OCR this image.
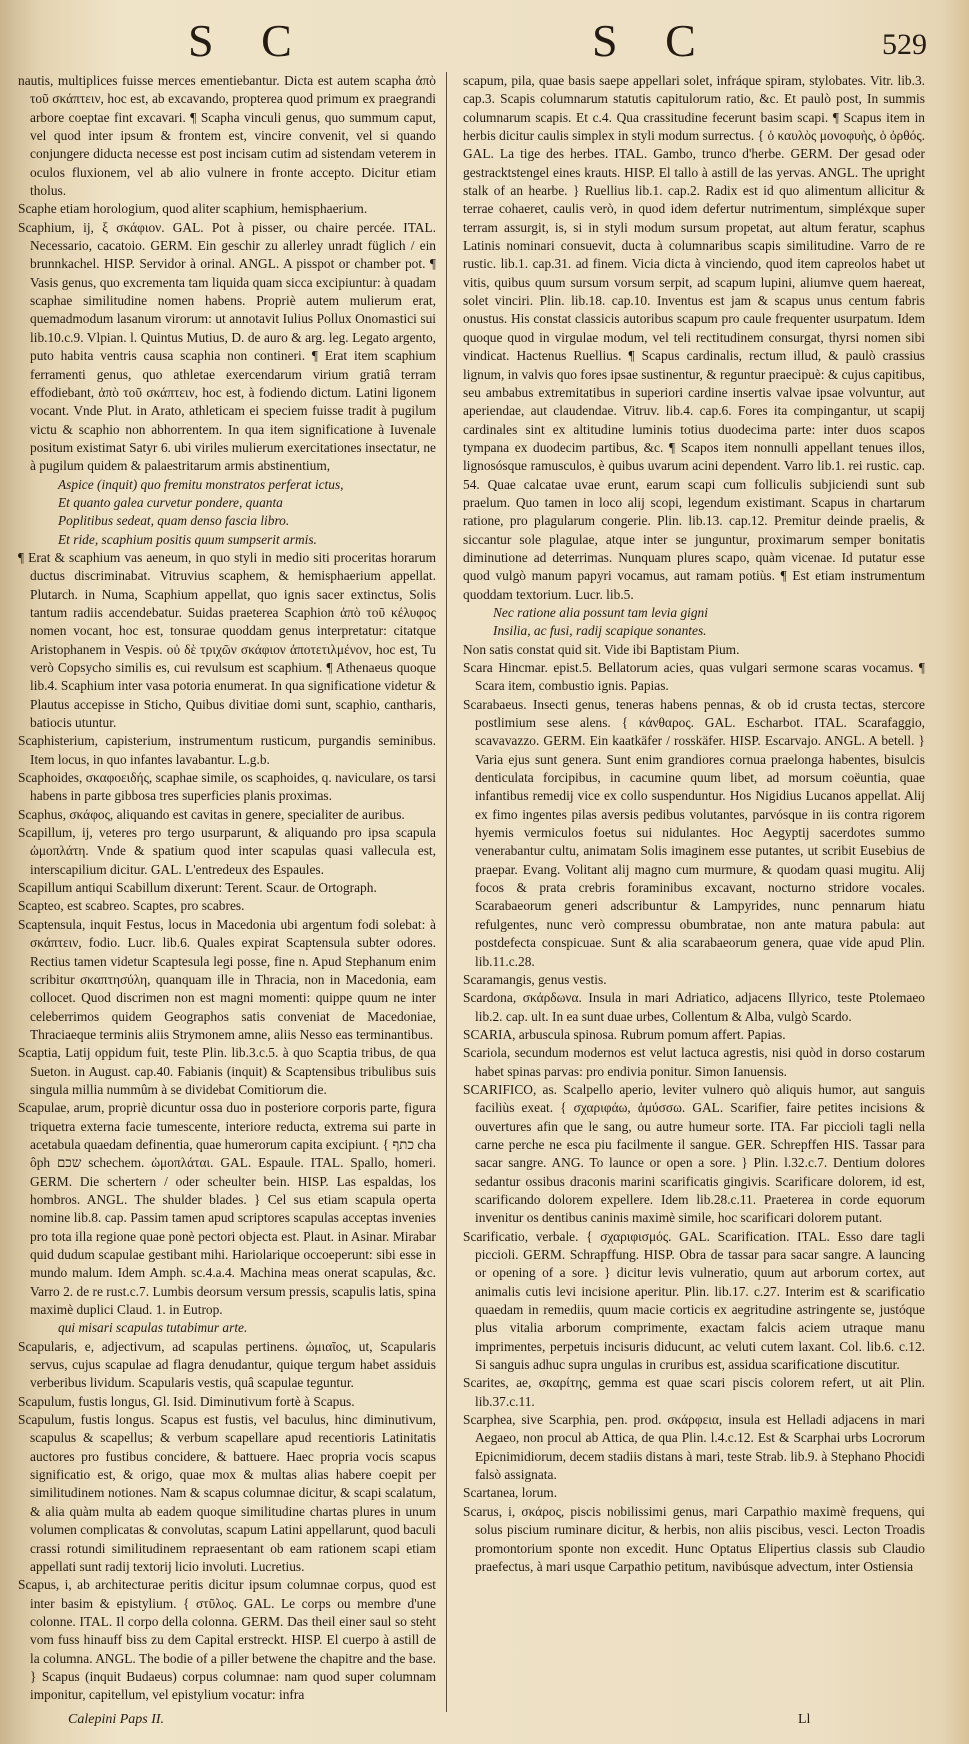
S C	S C	529

nautis, multiplices fuisse merces ementiebantur. Dicta est autem scapha ἀπὸ τοῦ σκάπτειν, hoc est, ab excavando, propterea quod primum ex praegrandi arbore coeptae fint excavari. ¶ Scapha vinculi genus, quo summum caput, vel quod inter ipsum & frontem est, vincire convenit, vel si quando conjungere diducta necesse est post incisam cutim ad sistendam veterem in oculos fluxionem, vel ab alio vulnere in fronte accepto. Dicitur etiam tholus.

Scaphe etiam horologium, quod aliter scaphium, hemisphaerium.

Scaphium, ij, ξ σκάφιον. GAL. Pot à pisser, ou chaire percée. ITAL. Necessario, cacatoio. GERM. Ein geschir zu allerley unradt füglich / ein brunnkachel. HISP. Servidor à orinal. ANGL. A pisspot or chamber pot. ¶ Vasis genus, quo excrementa tam liquida quam sicca excipiuntur: à quadam scaphae similitudine nomen habens. Propriè autem mulierum erat, quemadmodum lasanum virorum: ut annotavit Iulius Pollux Onomastici sui lib.10.c.9. Vlpian. l. Quintus Mutius, D. de auro & arg. leg. Legato argento, puto habita ventris causa scaphia non contineri. ¶ Erat item scaphium ferramenti genus, quo athletae exercendarum virium gratiâ terram effodiebant, ἀπὸ τοῦ σκάπτειν, hoc est, à fodiendo dictum. Latini ligonem vocant. Vnde Plut. in Arato, athleticam ei speciem fuisse tradit à pugilum victu & scaphio non abhorrentem. In qua item significatione à Iuvenale positum existimat Satyr 6. ubi viriles mulierum exercitationes insectatur, ne à pugilum quidem & palaestritarum armis abstinentium,

Aspice (inquit) quo fremitu monstratos perferat ictus,

Et quanto galea curvetur pondere, quanta

Poplitibus sedeat, quam denso fascia libro.

Et ride, scaphium positis quum sumpserit armis.

¶ Erat & scaphium vas aeneum, in quo styli in medio siti proceritas horarum ductus discriminabat. Vitruvius scaphem, & hemisphaerium appellat. Plutarch. in Numa, Scaphium appellat, quo ignis sacer extinctus, Solis tantum radiis accendebatur. Suidas praeterea Scaphion ἀπὸ τοῦ κέλυφος nomen vocant, hoc est, tonsurae quoddam genus interpretatur: citatque Aristophanem in Vespis. οὐ δὲ τριχῶν σκάφιον ἀποτετιλμένον, hoc est, Tu verò Copsycho similis es, cui revulsum est scaphium. ¶ Athenaeus quoque lib.4. Scaphium inter vasa potoria enumerat. In qua significatione videtur & Plautus accepisse in Sticho, Quibus divitiae domi sunt, scaphio, cantharis, batiocis utuntur.

Scaphisterium, capisterium, instrumentum rusticum, purgandis seminibus. Item locus, in quo infantes lavabantur. L.g.b.

Scaphoides, σκαφοειδής, scaphae simile, os scaphoides, q. naviculare, os tarsi habens in parte gibbosa tres superficies planis proximas.

Scaphus, σκάφος, aliquando est cavitas in genere, specialiter de auribus.

Scapillum, ij, veteres pro tergo usurparunt, & aliquando pro ipsa scapula ὠμοπλάτη. Vnde & spatium quod inter scapulas quasi vallecula est, interscapilium dicitur. GAL. L'entredeux des Espaules.

Scapillum antiqui Scabillum dixerunt: Terent. Scaur. de Ortograph.

Scapteo, est scabreo. Scaptes, pro scabres.

Scaptensula, inquit Festus, locus in Macedonia ubi argentum fodi solebat: à σκάπτειν, fodio. Lucr. lib.6. Quales expirat Scaptensula subter odores. Rectius tamen videtur Scaptesula legi posse, fine n. Apud Stephanum enim scribitur σκαπτησύλη, quanquam ille in Thracia, non in Macedonia, eam collocet. Quod discrimen non est magni momenti: quippe quum ne inter celeberrimos quidem Geographos satis conveniat de Macedoniae, Thraciaeque terminis aliis Strymonem amne, aliis Nesso eas terminantibus.

Scaptia, Latij oppidum fuit, teste Plin. lib.3.c.5. à quo Scaptia tribus, de qua Sueton. in August. cap.40. Fabianis (inquit) & Scaptensibus tribulibus suis singula millia nummûm à se dividebat Comitiorum die.

Scapulae, arum, propriè dicuntur ossa duo in posteriore corporis parte, figura triquetra externa facie tumescente, interiore reducta, extrema sui parte in acetabula quaedam definentia, quae humerorum capita excipiunt. { כתף cha ôph שכם schechem. ὠμοπλάται. GAL. Espaule. ITAL. Spallo, homeri. GERM. Die schertern / oder scheulter bein. HISP. Las espaldas, los hombros. ANGL. The shulder blades. } Cel sus etiam scapula operta nomine lib.8. cap. Passim tamen apud scriptores scapulas acceptas invenies pro tota illa regione quae ponè pectori objecta est. Plaut. in Asinar. Mirabar quid dudum scapulae gestibant mihi. Hariolarique occoeperunt: sibi esse in mundo malum. Idem Amph. sc.4.a.4. Machina meas onerat scapulas, &c. Varro 2. de re rust.c.7. Lumbis deorsum versum pressis, scapulis latis, spina maximè duplici Claud. 1. in Eutrop.

qui misari scapulas tutabimur arte.

Scapularis, e, adjectivum, ad scapulas pertinens. ὠμιαῖος, ut, Scapularis servus, cujus scapulae ad flagra denudantur, quique tergum habet assiduis verberibus lividum. Scapularis vestis, quâ scapulae teguntur.

Scapulum, fustis longus, Gl. Isid. Diminutivum fortè à Scapus.

Scapulum, fustis longus. Scapus est fustis, vel baculus, hinc diminutivum, scapulus & scapellus; & verbum scapellare apud recentioris Latinitatis auctores pro fustibus concidere, & battuere. Haec propria vocis scapus significatio est, & origo, quae mox & multas alias habere coepit per similitudinem notiones. Nam & scapus columnae dicitur, & scapi scalatum, & alia quàm multa ab eadem quoque similitudine chartas plures in unum volumen complicatas & convolutas, scapum Latini appellarunt, quod baculi crassi rotundi similitudinem repraesentant ob eam rationem scapi etiam appellati sunt radij textorij licio involuti. Lucretius.

Scapus, i, ab architecturae peritis dicitur ipsum columnae corpus, quod est inter basim & epistylium. { στῦλος. GAL. Le corps ou membre d'une colonne. ITAL. Il corpo della colonna. GERM. Das theil einer saul so steht vom fuss hinauff biss zu dem Capital erstreckt. HISP. El cuerpo à astill de la columna. ANGL. The bodie of a piller betwene the chapitre and the base. } Scapus (inquit Budaeus) corpus columnae: nam quod super columnam imponitur, capitellum, vel epistylium vocatur: infra

scapum, pila, quae basis saepe appellari solet, infráque spiram, stylobates. Vitr. lib.3. cap.3. Scapis columnarum statutis capitulorum ratio, &c. Et paulò post, In summis columnarum scapis. Et c.4. Qua crassitudine fecerunt basim scapi. ¶ Scapus item in herbis dicitur caulis simplex in styli modum surrectus. { ὁ καυλὸς μονοφυὴς, ὁ ὀρθός. GAL. La tige des herbes. ITAL. Gambo, trunco d'herbe. GERM. Der gesad oder gestracktstengel eines krauts. HISP. El tallo à astill de las yervas. ANGL. The upright stalk of an hearbe. } Ruellius lib.1. cap.2. Radix est id quo alimentum allicitur & terrae cohaeret, caulis verò, in quod idem defertur nutrimentum, simpléxque super terram assurgit, is, si in styli modum sursum propetat, aut altum feratur, scaphus Latinis nominari consuevit, ducta à columnaribus scapis similitudine. Varro de re rustic. lib.1. cap.31. ad finem. Vicia dicta à vinciendo, quod item capreolos habet ut vitis, quibus quum sursum vorsum serpit, ad scapum lupini, aliumve quem haereat, solet vinciri. Plin. lib.18. cap.10. Inventus est jam & scapus unus centum fabris onustus. His constat classicis autoribus scapum pro caule frequenter usurpatum. Idem quoque quod in virgulae modum, vel teli rectitudinem consurgat, thyrsi nomen sibi vindicat. Hactenus Ruellius. ¶ Scapus cardinalis, rectum illud, & paulò crassius lignum, in valvis quo fores ipsae sustinentur, & reguntur praecipuè: & cujus capitibus, seu ambabus extremitatibus in superiori cardine insertis valvae ipsae volvuntur, aut aperiendae, aut claudendae. Vitruv. lib.4. cap.6. Fores ita compingantur, ut scapij cardinales sint ex altitudine luminis totius duodecima parte: inter duos scapos tympana ex duodecim partibus, &c. ¶ Scapos item nonnulli appellant tenues illos, lignosósque ramusculos, è quibus uvarum acini dependent. Varro lib.1. rei rustic. cap. 54. Quae calcatae uvae erunt, earum scapi cum folliculis subjiciendi sunt sub praelum. Quo tamen in loco alij scopi, legendum existimant. Scapus in chartarum ratione, pro plagularum congerie. Plin. lib.13. cap.12. Premitur deinde praelis, & siccantur sole plagulae, atque inter se junguntur, proximarum semper bonitatis diminutione ad deterrimas. Nunquam plures scapo, quàm vicenae. Id putatur esse quod vulgò manum papyri vocamus, aut ramam potiùs. ¶ Est etiam instrumentum quoddam textorium. Lucr. lib.5.

Nec ratione alia possunt tam levia gigni

Insilia, ac fusi, radij scapique sonantes.

Non satis constat quid sit. Vide ibi Baptistam Pium.

Scara Hincmar. epist.5. Bellatorum acies, quas vulgari sermone scaras vocamus. ¶ Scara item, combustio ignis. Papias.

Scarabaeus. Insecti genus, teneras habens pennas, & ob id crusta tectas, stercore postlimium sese alens. { κάνθαρος. GAL. Escharbot. ITAL. Scarafaggio, scavavazzo. GERM. Ein kaatkäfer / rosskäfer. HISP. Escarvajo. ANGL. A betell. } Varia ejus sunt genera. Sunt enim grandiores cornua praelonga habentes, bisulcis denticulata forcipibus, in cacumine quum libet, ad morsum coëuntia, quae infantibus remedij vice ex collo suspenduntur. Hos Nigidius Lucanos appellat. Alij ex fimo ingentes pilas aversis pedibus volutantes, parvósque in iis contra rigorem hyemis vermiculos foetus sui nidulantes. Hoc Aegyptij sacerdotes summo venerabantur cultu, animatam Solis imaginem esse putantes, ut scribit Eusebius de praepar. Evang. Volitant alij magno cum murmure, & quodam quasi mugitu. Alij focos & prata crebris foraminibus excavant, nocturno stridore vocales. Scarabaeorum generi adscribuntur & Lampyrides, nunc pennarum hiatu refulgentes, nunc verò compressu obumbratae, non ante matura pabula: aut postdefecta conspicuae. Sunt & alia scarabaeorum genera, quae vide apud Plin. lib.11.c.28.

Scaramangis, genus vestis.

Scardona, σκάρδωνα. Insula in mari Adriatico, adjacens Illyrico, teste Ptolemaeo lib.2. cap. ult. In ea sunt duae urbes, Collentum & Alba, vulgò Scardo.

SCARIA, arbuscula spinosa. Rubrum pomum affert. Papias.

Scariola, secundum modernos est velut lactuca agrestis, nisi quòd in dorso costarum habet spinas parvas: pro endivia ponitur. Simon Ianuensis.

SCARIFICO, as. Scalpello aperio, leviter vulnero quò aliquis humor, aut sanguis faciliùs exeat. { σχαριφάω, ἀμύσσω. GAL. Scarifier, faire petites incisions & ouvertures afin que le sang, ou autre humeur sorte. ITA. Far piccioli tagli nella carne perche ne esca piu facilmente il sangue. GER. Schrepffen HIS. Tassar para sacar sangre. ANG. To launce or open a sore. } Plin. l.32.c.7. Dentium dolores sedantur ossibus draconis marini scarificatis gingivis. Scarificare dolorem, id est, scarificando dolorem expellere. Idem lib.28.c.11. Praeterea in corde equorum invenitur os dentibus caninis maximè simile, hoc scarificari dolorem putant.

Scarificatio, verbale. { σχαριφισμός. GAL. Scarification. ITAL. Esso dare tagli piccioli. GERM. Schrapffung. HISP. Obra de tassar para sacar sangre. A launcing or opening of a sore. } dicitur levis vulneratio, quum aut arborum cortex, aut animalis cutis levi incisione aperitur. Plin. lib.17. c.27. Interim est & scarificatio quaedam in remediis, quum macie corticis ex aegritudine astringente se, justóque plus vitalia arborum comprimente, exactam falcis aciem utraque manu imprimentes, perpetuis incisuris diducunt, ac veluti cutem laxant. Col. lib.6. c.12. Si sanguis adhuc supra ungulas in cruribus est, assidua scarificatione discutitur.

Scarites, ae, σκαρίτης, gemma est quae scari piscis colorem refert, ut ait Plin. lib.37.c.11.

Scarphea, sive Scarphia, pen. prod. σκάρφεια, insula est Helladi adjacens in mari Aegaeo, non procul ab Attica, de qua Plin. l.4.c.12. Est & Scarphai urbs Locrorum Epicnimidiorum, decem stadiis distans à mari, teste Strab. lib.9. à Stephano Phocidi falsò assignata.

Scartanea, lorum.

Scarus, i, σκάρος, piscis nobilissimi genus, mari Carpathio maximè frequens, qui solus piscium ruminare dicitur, & herbis, non aliis piscibus, vesci. Lecton Troadis promontorium sponte non excedit. Hunc Optatus Elipertius classis sub Claudio praefectus, à mari usque Carpathio petitum, navibúsque advectum, inter Ostiensia

Calepini Paps II.	Ll
